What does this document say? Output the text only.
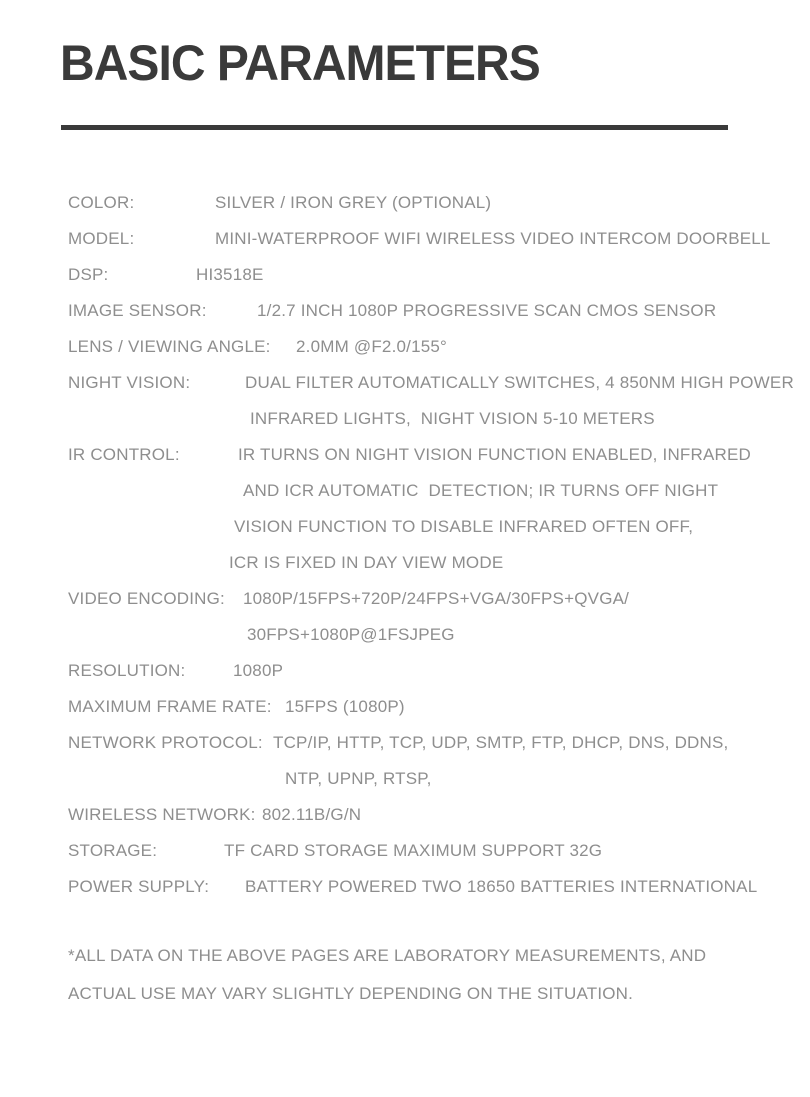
BASIC PARAMETERS
COLOR:	SILVER / IRON GREY (OPTIONAL)
MODEL:	MINI-WATERPROOF WIFI WIRELESS VIDEO INTERCOM DOORBELL
DSP:	HI3518E
IMAGE SENSOR:	1/2.7 INCH 1080P PROGRESSIVE SCAN CMOS SENSOR
LENS / VIEWING ANGLE: 2.0MM @F2.0/155°
NIGHT VISION:	DUAL FILTER AUTOMATICALLY SWITCHES, 4 850NM HIGH POWER
INFRARED LIGHTS,  NIGHT VISION 5-10 METERS
IR CONTROL:	IR TURNS ON NIGHT VISION FUNCTION ENABLED, INFRARED
AND ICR AUTOMATIC  DETECTION; IR TURNS OFF NIGHT
VISION FUNCTION TO DISABLE INFRARED OFTEN OFF,
ICR IS FIXED IN DAY VIEW MODE
VIDEO ENCODING: 1080P/15FPS+720P/24FPS+VGA/30FPS+QVGA/
30FPS+1080P@1FSJPEG
RESOLUTION:	1080P
MAXIMUM FRAME RATE: 15FPS (1080P)
NETWORK PROTOCOL: TCP/IP, HTTP, TCP, UDP, SMTP, FTP, DHCP, DNS, DDNS,
NTP, UPNP, RTSP,
WIRELESS NETWORK: 802.11B/G/N
STORAGE:	TF CARD STORAGE MAXIMUM SUPPORT 32G
POWER SUPPLY: BATTERY POWERED TWO 18650 BATTERIES INTERNATIONAL
*ALL DATA ON THE ABOVE PAGES ARE LABORATORY MEASUREMENTS, AND
ACTUAL USE MAY VARY SLIGHTLY DEPENDING ON THE SITUATION.
